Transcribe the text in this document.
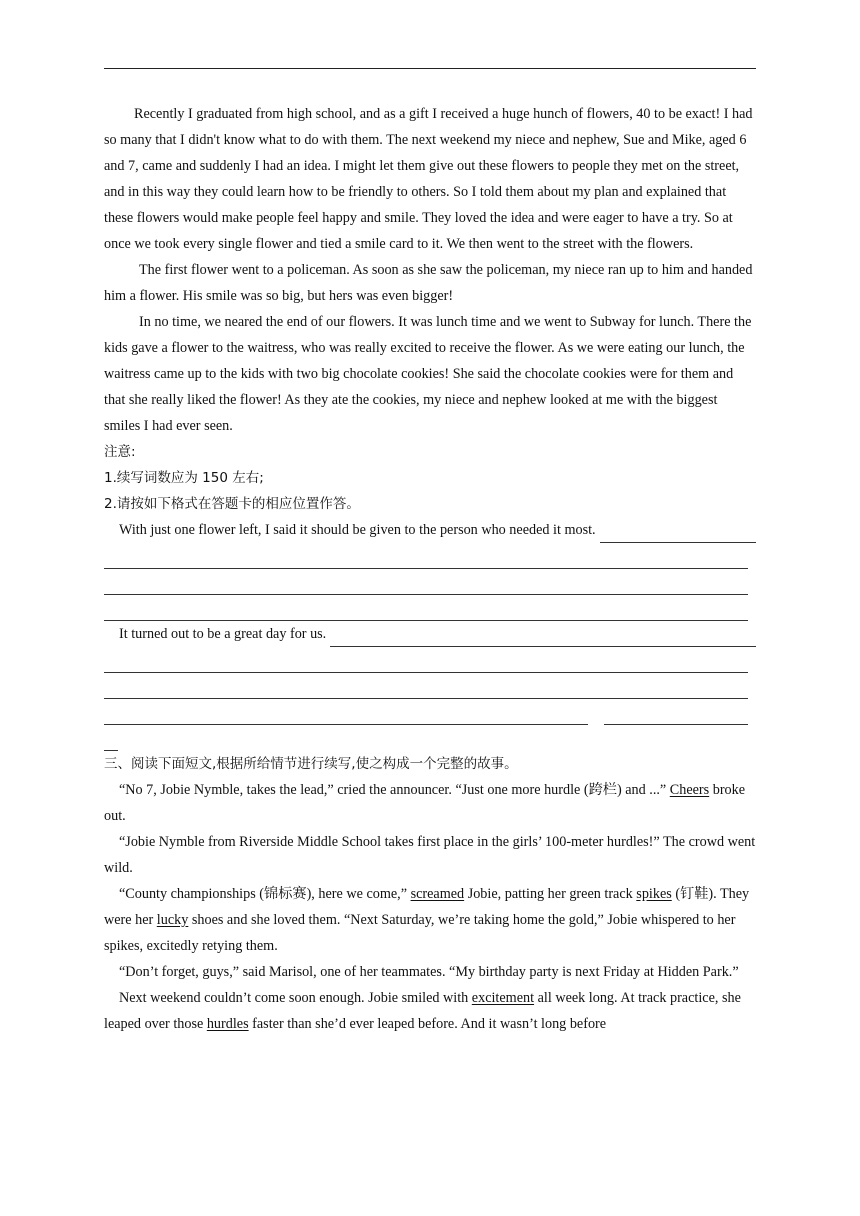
Recently I graduated from high school, and as a gift I received a huge hunch of flowers, 40 to be exact! I had so many that I didn't know what to do with them. The next weekend my niece and nephew, Sue and Mike, aged 6 and 7, came and suddenly I had an idea. I might let them give out these flowers to people they met on the street, and in this way they could learn how to be friendly to others. So I told them about my plan and explained that these flowers would make people feel happy and smile. They loved the idea and were eager to have a try. So at once we took every single flower and tied a smile card to it. We then went to the street with the flowers.

The first flower went to a policeman. As soon as she saw the policeman, my niece ran up to him and handed him a flower. His smile was so big, but hers was even bigger!

In no time, we neared the end of our flowers. It was lunch time and we went to Subway for lunch. There the kids gave a flower to the waitress, who was really excited to receive the flower. As we were eating our lunch, the waitress came up to the kids with two big chocolate cookies! She said the chocolate cookies were for them and that she really liked the flower! As they ate the cookies, my niece and nephew looked at me with the biggest smiles I had ever seen.

注意:

1.续写词数应为 150 左右;

2.请按如下格式在答题卡的相应位置作答。

With just one flower left, I said it should be given to the person who needed it most.
It turned out to be a great day for us.

三、阅读下面短文,根据所给情节进行续写,使之构成一个完整的故事。

“No 7, Jobie Nymble, takes the lead,” cried the announcer. “Just one more hurdle (跨栏) and ...” Cheers broke out.

“Jobie Nymble from Riverside Middle School takes first place in the girls’ 100-meter hurdles!” The crowd went wild.

“County championships (锦标赛), here we come,” screamed Jobie, patting her green track spikes (钉鞋). They were her lucky shoes and she loved them. “Next Saturday, we’re taking home the gold,” Jobie whispered to her spikes, excitedly retying them.

“Don’t forget, guys,” said Marisol, one of her teammates. “My birthday party is next Friday at Hidden Park.”

Next weekend couldn’t come soon enough. Jobie smiled with excitement all week long. At track practice, she leaped over those hurdles faster than she’d ever leaped before. And it wasn’t long before
